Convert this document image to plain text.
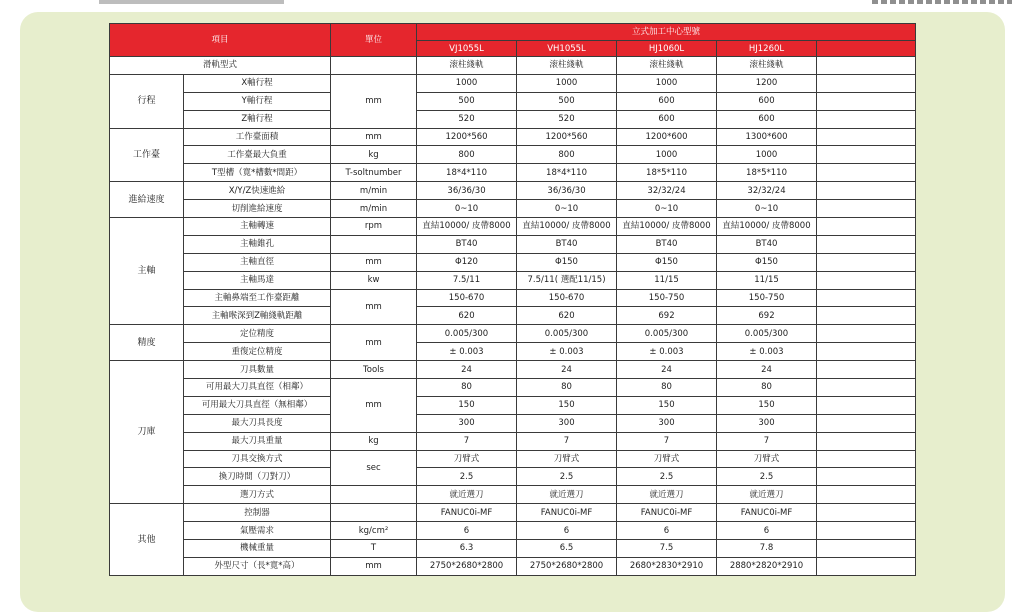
項目		單位	立式加工中心型號				
			VJ1055L	VH1055L	HJ1060L	HJ1260L	
滑軌型式			滚柱綫軌	滚柱綫軌	滚柱綫軌	滚柱綫軌	
行程	X軸行程	mm	1000	1000	1000	1200	
	Y軸行程		500	500	600	600	
	Z軸行程		520	520	600	600	
工作臺	工作臺面積	mm	1200*560	1200*560	1200*600	1300*600	
	工作臺最大負重	kg	800	800	1000	1000	
	T型槽（寬*槽數*間距）	T-soltnumber	18*4*110	18*4*110	18*5*110	18*5*110	
進給速度	X/Y/Z快速進給	m/min	36/36/30	36/36/30	32/32/24	32/32/24	
	切削進給速度	m/min	0~10	0~10	0~10	0~10	
主軸	主軸轉速	rpm	直結10000/ 皮帶8000	直結10000/ 皮帶8000	直結10000/ 皮帶8000	直結10000/ 皮帶8000	
	主軸錐孔		BT40	BT40	BT40	BT40	
	主軸直徑	mm	Φ120	Φ150	Φ150	Φ150	
	主軸馬達	kw	7.5/11	7.5/11( 選配11/15)	11/15	11/15	
	主軸鼻端至工作臺距離	mm	150-670	150-670	150-750	150-750	
	主軸喉深到Z軸綫軌距離		620	620	692	692	
精度	定位精度	mm	0.005/300	0.005/300	0.005/300	0.005/300	
	重復定位精度		± 0.003	± 0.003	± 0.003	± 0.003	
刀庫	刀具數量	Tools	24	24	24	24	
	可用最大刀具直徑（相鄰）	mm	80	80	80	80	
	可用最大刀具直徑（無相鄰）		150	150	150	150	
	最大刀具長度		300	300	300	300	
	最大刀具重量	kg	7	7	7	7	
	刀具交換方式	sec	刀臂式	刀臂式	刀臂式	刀臂式	
	換刀時間（刀對刀）		2.5	2.5	2.5	2.5	
	選刀方式		就近選刀	就近選刀	就近選刀	就近選刀	
其他	控制器		FANUC0i-MF	FANUC0i-MF	FANUC0i-MF	FANUC0i-MF	
	氣壓需求	kg/cm²	6	6	6	6	
	機械重量	T	6.3	6.5	7.5	7.8	
	外型尺寸（長*寬*高）	mm	2750*2680*2800	2750*2680*2800	2680*2830*2910	2880*2820*2910	
